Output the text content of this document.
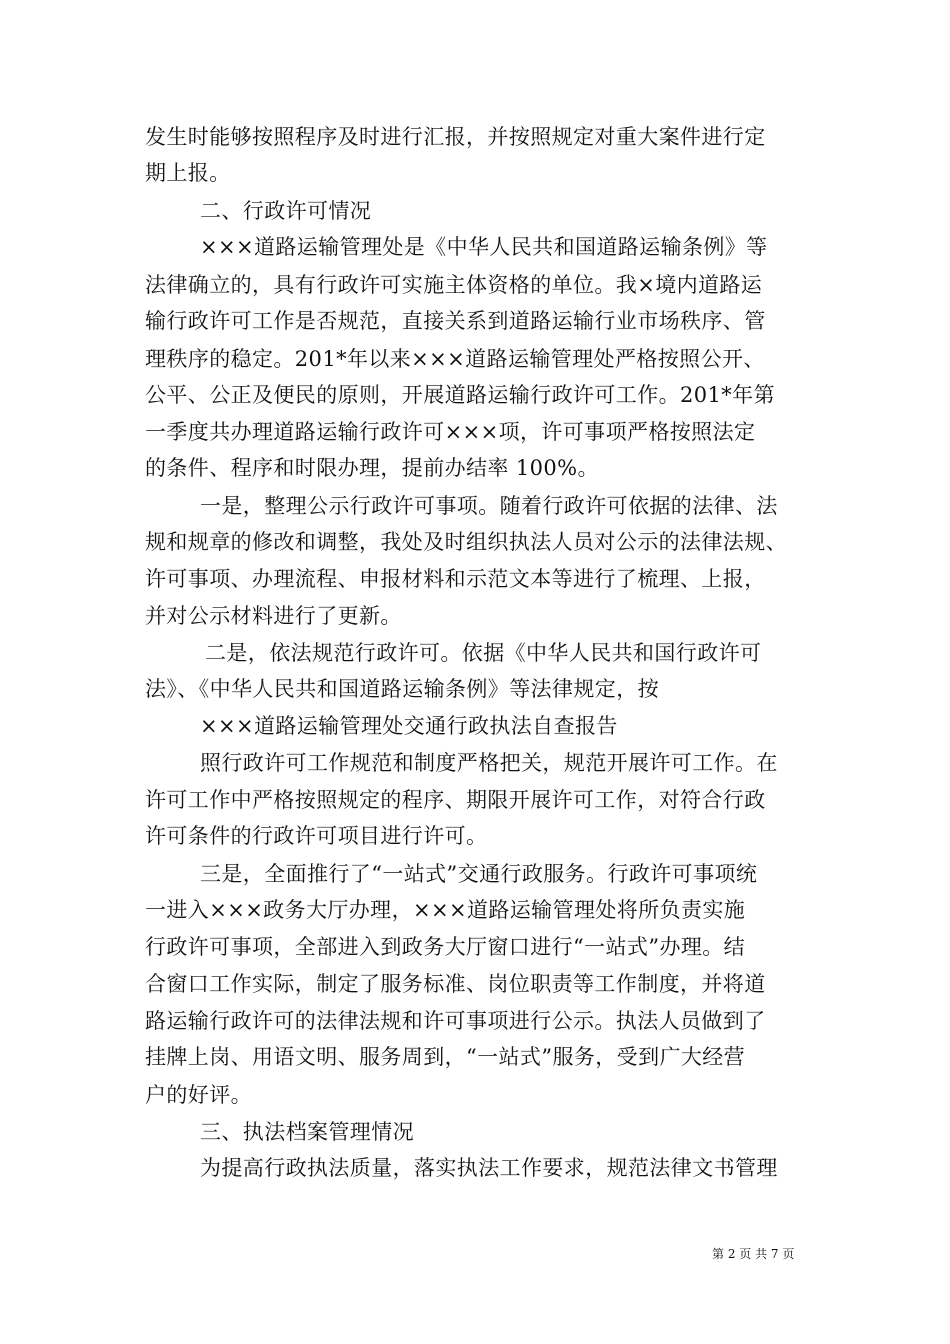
发生时能够按照程序及时进行汇报，并按照规定对重大案件进行定
期上报。
二、行政许可情况
×××道路运输管理处是《中华人民共和国道路运输条例》等
法律确立的，具有行政许可实施主体资格的单位。我×境内道路运
输行政许可工作是否规范，直接关系到道路运输行业市场秩序、管
理秩序的稳定。201*年以来×××道路运输管理处严格按照公开、
公平、公正及便民的原则，开展道路运输行政许可工作。201*年第
一季度共办理道路运输行政许可×××项，许可事项严格按照法定
的条件、程序和时限办理，提前办结率 100%。
一是，整理公示行政许可事项。随着行政许可依据的法律、法
规和规章的修改和调整，我处及时组织执法人员对公示的法律法规、
许可事项、办理流程、申报材料和示范文本等进行了梳理、上报，
并对公示材料进行了更新。
二是，依法规范行政许可。依据《中华人民共和国行政许可
法》、《中华人民共和国道路运输条例》等法律规定，按
×××道路运输管理处交通行政执法自查报告
照行政许可工作规范和制度严格把关，规范开展许可工作。在
许可工作中严格按照规定的程序、期限开展许可工作，对符合行政
许可条件的行政许可项目进行许可。
三是，全面推行了“一站式”交通行政服务。行政许可事项统
一进入×××政务大厅办理，×××道路运输管理处将所负责实施
行政许可事项，全部进入到政务大厅窗口进行“一站式”办理。结
合窗口工作实际，制定了服务标准、岗位职责等工作制度，并将道
路运输行政许可的法律法规和许可事项进行公示。执法人员做到了
挂牌上岗、用语文明、服务周到，“一站式”服务，受到广大经营
户的好评。
三、执法档案管理情况
为提高行政执法质量，落实执法工作要求，规范法律文书管理
第 2 页 共 7 页
